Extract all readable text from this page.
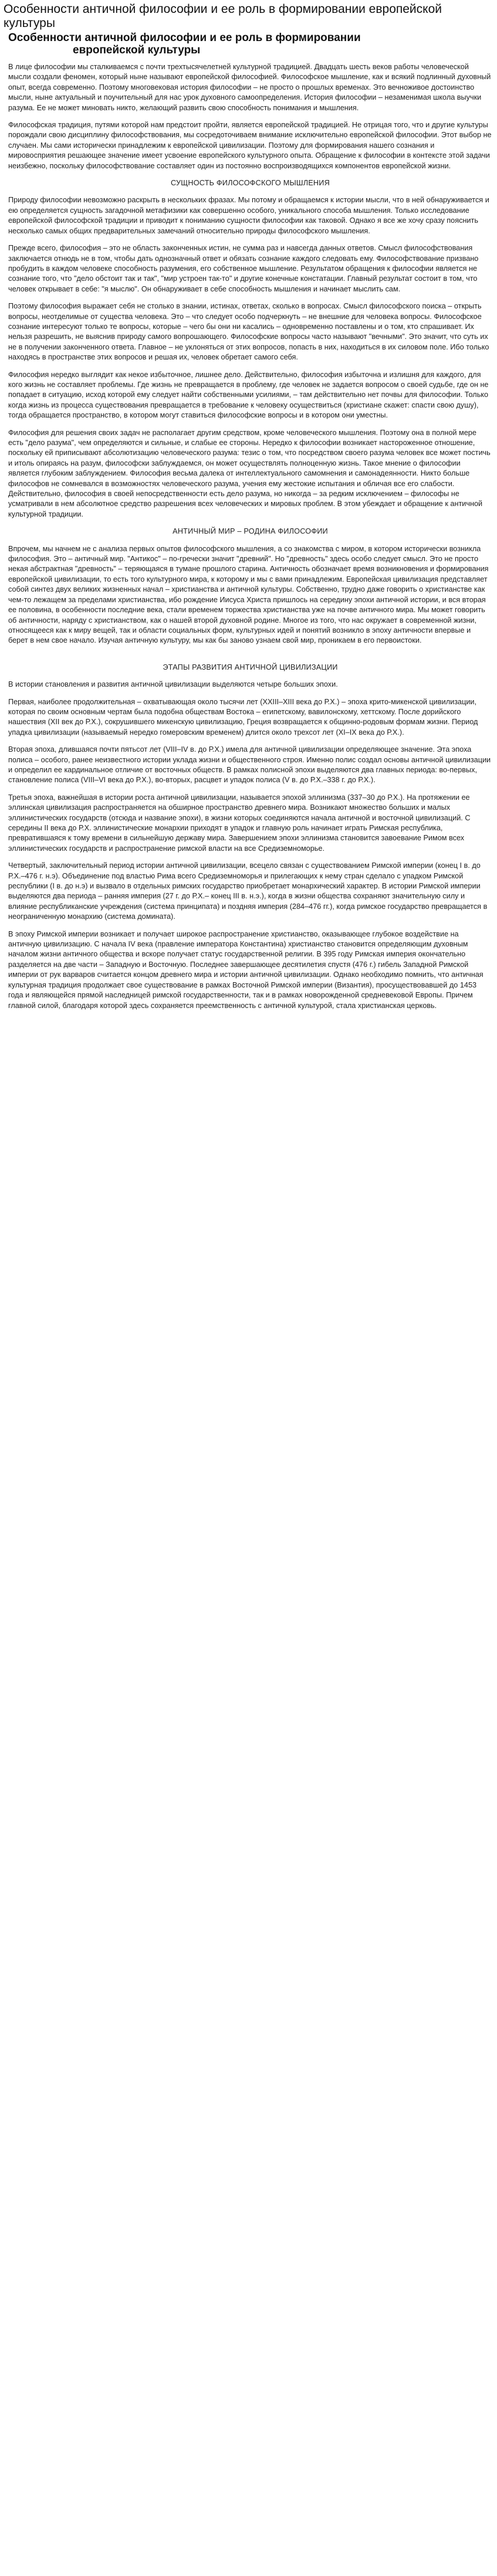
Особенности античной философии и ее роль в формировании европейской культуры
Особенности античной философии и ее роль в формировании
европейской культуры

В лице философии мы сталкиваемся с почти трехтысячелетней культурной традицией. Двадцать шесть веков работы человеческой мысли создали феномен, который ныне называют европейской философией. Философское мышление, как и всякий подлинный духовный опыт, всегда современно. Поэтому многовековая история философии – не просто о прошлых временах. Это вечноживое достоинство мысли, ныне актуальный и поучительный для нас урок духовного самоопределения. История философии – незаменимая школа выучки разума. Ее не может миновать никто, желающий развить свою способность понимания и мышления.

Философская традиция, путями которой нам предстоит пройти, является европейской традицией. Не отрицая того, что и другие культуры порождали свою дисциплину философствования, мы сосредоточиваем внимание исключительно европейской философии. Этот выбор не случаен. Мы сами исторически принадлежим к европейской цивилизации. Поэтому для формирования нашего сознания и мировосприятия решающее значение имеет усвоение европейского культурного опыта. Обращение к философии в контексте этой задачи неизбежно, поскольку философствование составляет один из постоянно воспроизводящихся компонентов европейской жизни.

СУЩНОСТЬ ФИЛОСОФСКОГО МЫШЛЕНИЯ

Природу философии невозможно раскрыть в нескольких фразах. Мы потому и обращаемся к истории мысли, что в ней обнаруживается и ею определяется сущность загадочной метафизики как совершенно особого, уникального способа мышления. Только исследование европейской философской традиции и приводит к пониманию сущности философии как таковой. Однако я все же хочу сразу пояснить несколько самых общих предварительных замечаний относительно природы философского мышления.

Прежде всего, философия – это не область законченных истин, не сумма раз и навсегда данных ответов. Смысл философствования заключается отнюдь не в том, чтобы дать однозначный ответ и обязать сознание каждого следовать ему. Философствование призвано пробудить в каждом человеке способность разумения, его собственное мышление. Результатом обращения к философии является не сознание того, что "дело обстоит так и так", "мир устроен так-то" и другие конечные констатации. Главный результат состоит в том, что человек открывает в себе: "я мыслю". Он обнаруживает в себе способность мышления и начинает мыслить сам.

Поэтому философия выражает себя не столько в знании, истинах, ответах, сколько в вопросах. Смысл философского поиска – открыть вопросы, неотделимые от существа человека. Это – что следует особо подчеркнуть – не внешние для человека вопросы. Философское сознание интересуют только те вопросы, которые – чего бы они ни касались – одновременно поставлены и о том, кто спрашивает. Их нельзя разрешить, не выяснив природу самого вопрошающего. Философские вопросы часто называют "вечными". Это значит, что суть их не в получении законченного ответа. Главное – не уклоняться от этих вопросов, попасть в них, находиться в их силовом поле. Ибо только находясь в пространстве этих вопросов и решая их, человек обретает самого себя.

Философия нередко выглядит как некое избыточное, лишнее дело. Действительно, философия избыточна и излишня для каждого, для кого жизнь не составляет проблемы. Где жизнь не превращается в проблему, где человек не задается вопросом о своей судьбе, где он не попадает в ситуацию, исход которой ему следует найти собственными усилиями, – там действительно нет почвы для философии. Только когда жизнь из процесса существования превращается в требование к человеку осуществиться (христиане скажет: спасти свою душу), тогда обращается пространство, в котором могут ставиться философские вопросы и в котором они уместны.

Философия для решения своих задач не располагает другим средством, кроме человеческого мышления. Поэтому она в полной мере есть "дело разума", чем определяются и сильные, и слабые ее стороны. Нередко к философии возникает настороженное отношение, поскольку ей приписывают абсолютизацию человеческого разума: тезис о том, что посредством своего разума человек все может постичь и итоль опираясь на разум, философски заблуждаемся, он может осуществлять полноценную жизнь. Такое мнение о философии является глубоким заблуждением. Философия весьма далека от интеллектуального самомнения и самонадеянности. Никто больше философов не сомневался в возможностях человеческого разума, учения ему жестокие испытания и обличая все его слабости. Действительно, философия в своей непосредственности есть дело разума, но никогда – за редким исключением – философы не усматривали в нем абсолютное средство разрешения всех человеческих и мировых проблем. В этом убеждает и обращение к античной культурной традиции.

АНТИЧНЫЙ МИР – РОДИНА ФИЛОСОФИИ

Впрочем, мы начнем не с анализа первых опытов философского мышления, а со знакомства с миром, в котором исторически возникла философия. Это – античный мир. "Антикос" – по-гречески значит "древний". Но "древность" здесь особо следует смысл. Это не просто некая абстрактная "древность" – теряющаяся в тумане прошлого старина. Античность обозначает время возникновения и формирования европейской цивилизации, то есть того культурного мира, к которому и мы с вами принадлежим. Европейская цивилизация представляет собой синтез двух великих жизненных начал – христианства и античной культуры. Собственно, трудно даже говорить о христианстве как чем-то лежащем за пределами христианства, ибо рождение Иисуса Христа пришлось на середину эпохи античной истории, и вся вторая ее половина, в особенности последние века, стали временем торжества христианства уже на почве античного мира. Мы может говорить об античности, наряду с христианством, как о нашей второй духовной родине. Многое из того, что нас окружает в современной жизни, относящееся как к миру вещей, так и области социальных форм, культурных идей и понятий возникло в эпоху античности впервые и берет в нем свое начало. Изучая античную культуру, мы как бы заново узнаем свой мир, проникаем в его первоистоки.

ЭТАПЫ РАЗВИТИЯ АНТИЧНОЙ ЦИВИЛИЗАЦИИ

В истории становления и развития античной цивилизации выделяются четыре больших эпохи.

Первая, наиболее продолжительная – охватывающая около тысячи лет (XXIII–XIII века до Р.Х.) – эпоха крито-микенской цивилизации, которая по своим основным чертам была подобна обществам Востока – египетскому, вавилонскому, хеттскому. После дорийского нашествия (XII век до Р.Х.), сокрушившего микенскую цивилизацию, Греция возвращается к общинно-родовым формам жизни. Период упадка цивилизации (называемый нередко гомеровским временем) длится около трехсот лет (XI–IX века до Р.Х.).

Вторая эпоха, длившаяся почти пятьсот лет (VIII–IV в. до Р.Х.) имела для античной цивилизации определяющее значение. Эта эпоха полиса – особого, ранее неизвестного истории уклада жизни и общественного строя. Именно полис создал основы античной цивилизации и определил ее кардинальное отличие от восточных обществ. В рамках полисной эпохи выделяются два главных периода: во-первых, становление полиса (VIII–VI века до Р.Х.), во-вторых, расцвет и упадок полиса (V в. до Р.Х.–338 г. до Р.Х.).

Третья эпоха, важнейшая в истории роста античной цивилизации, называется эпохой эллинизма (337–30 до Р.Х.). На протяжении ее эллинская цивилизация распространяется на обширное пространство древнего мира. Возникают множество больших и малых эллинистических государств (отсюда и название эпохи), в жизни которых соединяются начала античной и восточной цивилизаций. С середины II века до Р.Х. эллинистические монархии приходят в упадок и главную роль начинает играть Римская республика, превратившаяся к тому времени в сильнейшую державу мира. Завершением эпохи эллинизма становится завоевание Римом всех эллинистических государств и распространение римской власти на все Средиземноморье.

Четвертый, заключительный период истории античной цивилизации, всецело связан с существованием Римской империи (конец I в. до Р.Х.–476 г. н.э). Объединение под властью Рима всего Средиземноморья и прилегающих к нему стран сделало с упадком Римской республики (I в. до н.э) и вызвало в отдельных римских государство приобретает монархический характер. В истории Римской империи выделяются два периода – ранняя империя (27 г. до Р.Х.– конец III в. н.э.), когда в жизни общества сохраняют значительную силу и влияние республиканские учреждения (система принципата) и поздняя империя (284–476 гг.), когда римское государство превращается в неограниченную монархию (система домината).

В эпоху Римской империи возникает и получает широкое распространение христианство, оказывающее глубокое воздействие на античную цивилизацию. С начала IV века (правление императора Константина) христианство становится определяющим духовным началом жизни античного общества и вскоре получает статус государственной религии. В 395 году Римская империя окончательно разделяется на две части – Западную и Восточную. Последнее завершающее десятилетия спустя (476 г.) гибель Западной Римской империи от рук варваров считается концом древнего мира и истории античной цивилизации. Однако необходимо помнить, что античная культурная традиция продолжает свое существование в рамках Восточной Римской империи (Византия), просуществовавшей до 1453 года и являющейся прямой наследницей римской государственности, так и в рамках новорожденной средневековой Европы. Причем главной силой, благодаря которой здесь сохраняется преемственность с античной культурой, стала христианская церковь.
